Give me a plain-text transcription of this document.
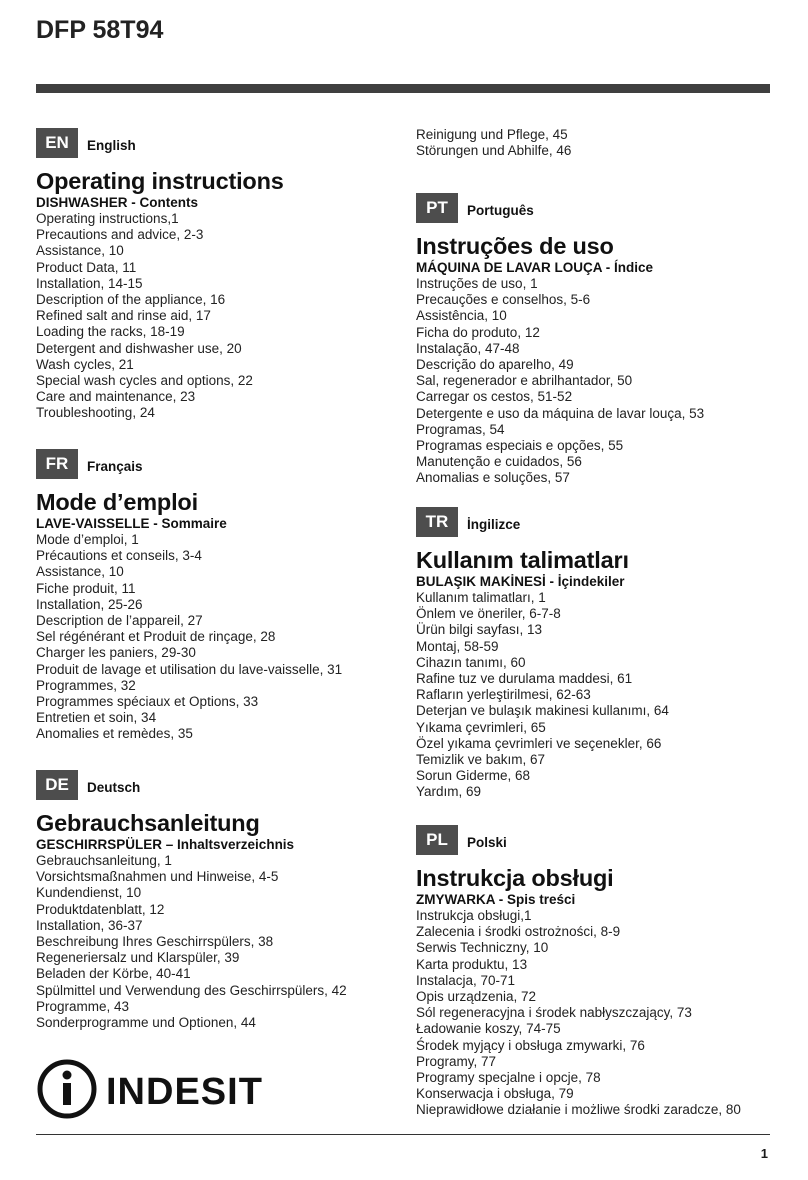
DFP 58T94
EN	English
Operating instructions
DISHWASHER - Contents
Operating instructions,1
Precautions and advice, 2-3
Assistance, 10
Product Data, 11
Installation, 14-15
Description of the appliance, 16
Refined salt and rinse aid, 17
Loading the racks, 18-19
Detergent and dishwasher use, 20
Wash cycles, 21
Special wash cycles and options, 22
Care and maintenance, 23
Troubleshooting, 24
FR	Français
Mode d’emploi
LAVE-VAISSELLE - Sommaire
Mode d’emploi, 1
Précautions et conseils, 3-4
Assistance, 10
Fiche produit, 11
Installation, 25-26
Description de l’appareil, 27
Sel régénérant et Produit de rinçage, 28
Charger les paniers, 29-30
Produit de lavage et utilisation du lave-vaisselle, 31
Programmes, 32
Programmes spéciaux et Options, 33
Entretien et soin, 34
Anomalies et remèdes, 35
DE	Deutsch
Gebrauchsanleitung
GESCHIRRSPÜLER – Inhaltsverzeichnis
Gebrauchsanleitung, 1
Vorsichtsmaßnahmen und Hinweise, 4-5
Kundendienst, 10
Produktdatenblatt, 12
Installation, 36-37
Beschreibung Ihres Geschirrspülers, 38
Regeneriersalz und Klarspüler, 39
Beladen der Körbe, 40-41
Spülmittel und Verwendung des Geschirrspülers, 42
Programme, 43
Sonderprogramme und Optionen, 44
Reinigung und Pflege, 45
Störungen und Abhilfe, 46
PT	Português
Instruções de uso
MÁQUINA DE LAVAR LOUÇA - Índice
Instruções de uso, 1
Precauções e conselhos, 5-6
Assistência, 10
Ficha do produto, 12
Instalação, 47-48
Descrição do aparelho, 49
Sal, regenerador e abrilhantador, 50
Carregar os cestos, 51-52
Detergente e uso da máquina de lavar louça, 53
Programas, 54
Programas especiais e opções, 55
Manutenção e cuidados, 56
Anomalias e soluções, 57
TR	İngilizce
Kullanım talimatları
BULAŞIK MAKİNESİ - İçindekiler
Kullanım talimatları, 1
Önlem ve öneriler, 6-7-8
Ürün bilgi sayfası, 13
Montaj, 58-59
Cihazın tanımı, 60
Rafine tuz ve durulama maddesi, 61
Rafların yerleştirilmesi, 62-63
Deterjan ve bulaşık makinesi kullanımı, 64
Yıkama çevrimleri, 65
Özel yıkama çevrimleri ve seçenekler, 66
Temizlik ve bakım, 67
Sorun Giderme, 68
Yardım, 69
PL	Polski
Instrukcja obsługi
ZMYWARKA - Spis treści
Instrukcja obsługi,1
Zalecenia i środki ostrożności, 8-9
Serwis Techniczny, 10
Karta produktu, 13
Instalacja, 70-71
Opis urządzenia, 72
Sól regeneracyjna i środek nabłyszczający, 73
Ładowanie koszy, 74-75
Środek myjący i obsługa zmywarki, 76
Programy, 77
Programy specjalne i opcje, 78
Konserwacja i obsługa, 79
Nieprawidłowe działanie i możliwe środki zaradcze, 80
INDESIT
1
